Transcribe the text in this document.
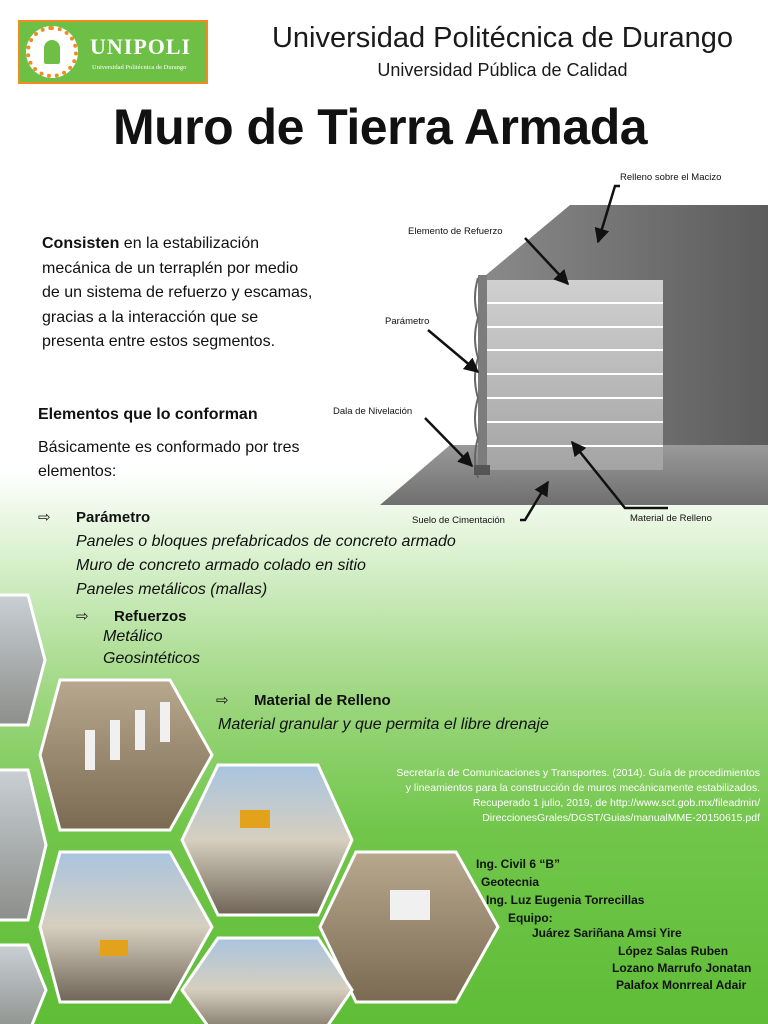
UNIPOLI
Universidad Politécnica de Durango
Universidad Politécnica de Durango
Universidad Pública de Calidad
Muro de Tierra Armada
Consisten en la estabilización
mecánica de un terraplén por medio
de un sistema de refuerzo y escamas,
gracias a la interacción que se
presenta entre estos segmentos.
Relleno sobre el Macizo
Elemento de Refuerzo
Parámetro
Dala de Nivelación
Suelo de Cimentación	Material de Relleno
Elementos que lo conforman
Básicamente es conformado por tres elementos:
⇨ Parámetro
Paneles o bloques prefabricados de concreto armado
Muro de concreto armado colado en sitio
Paneles metálicos (mallas)
⇨ Refuerzos
Metálico
Geosintéticos
⇨ Material de Relleno
Material granular y que permita el libre drenaje
Secretaría de Comunicaciones y Transportes. (2014). Guía de procedimientos
y lineamientos para la construcción de muros mecánicamente estabilizados.
Recuperado 1 julio, 2019, de http://www.sct.gob.mx/fileadmin/
DireccionesGrales/DGST/Guias/manualMME-20150615.pdf
Ing. Civil 6 “B”
Geotecnia
Ing. Luz Eugenia Torrecillas
Equipo:
Juárez Sariñana Amsi Yire
López Salas Ruben
Lozano Marrufo Jonatan
Palafox Monrreal Adair
